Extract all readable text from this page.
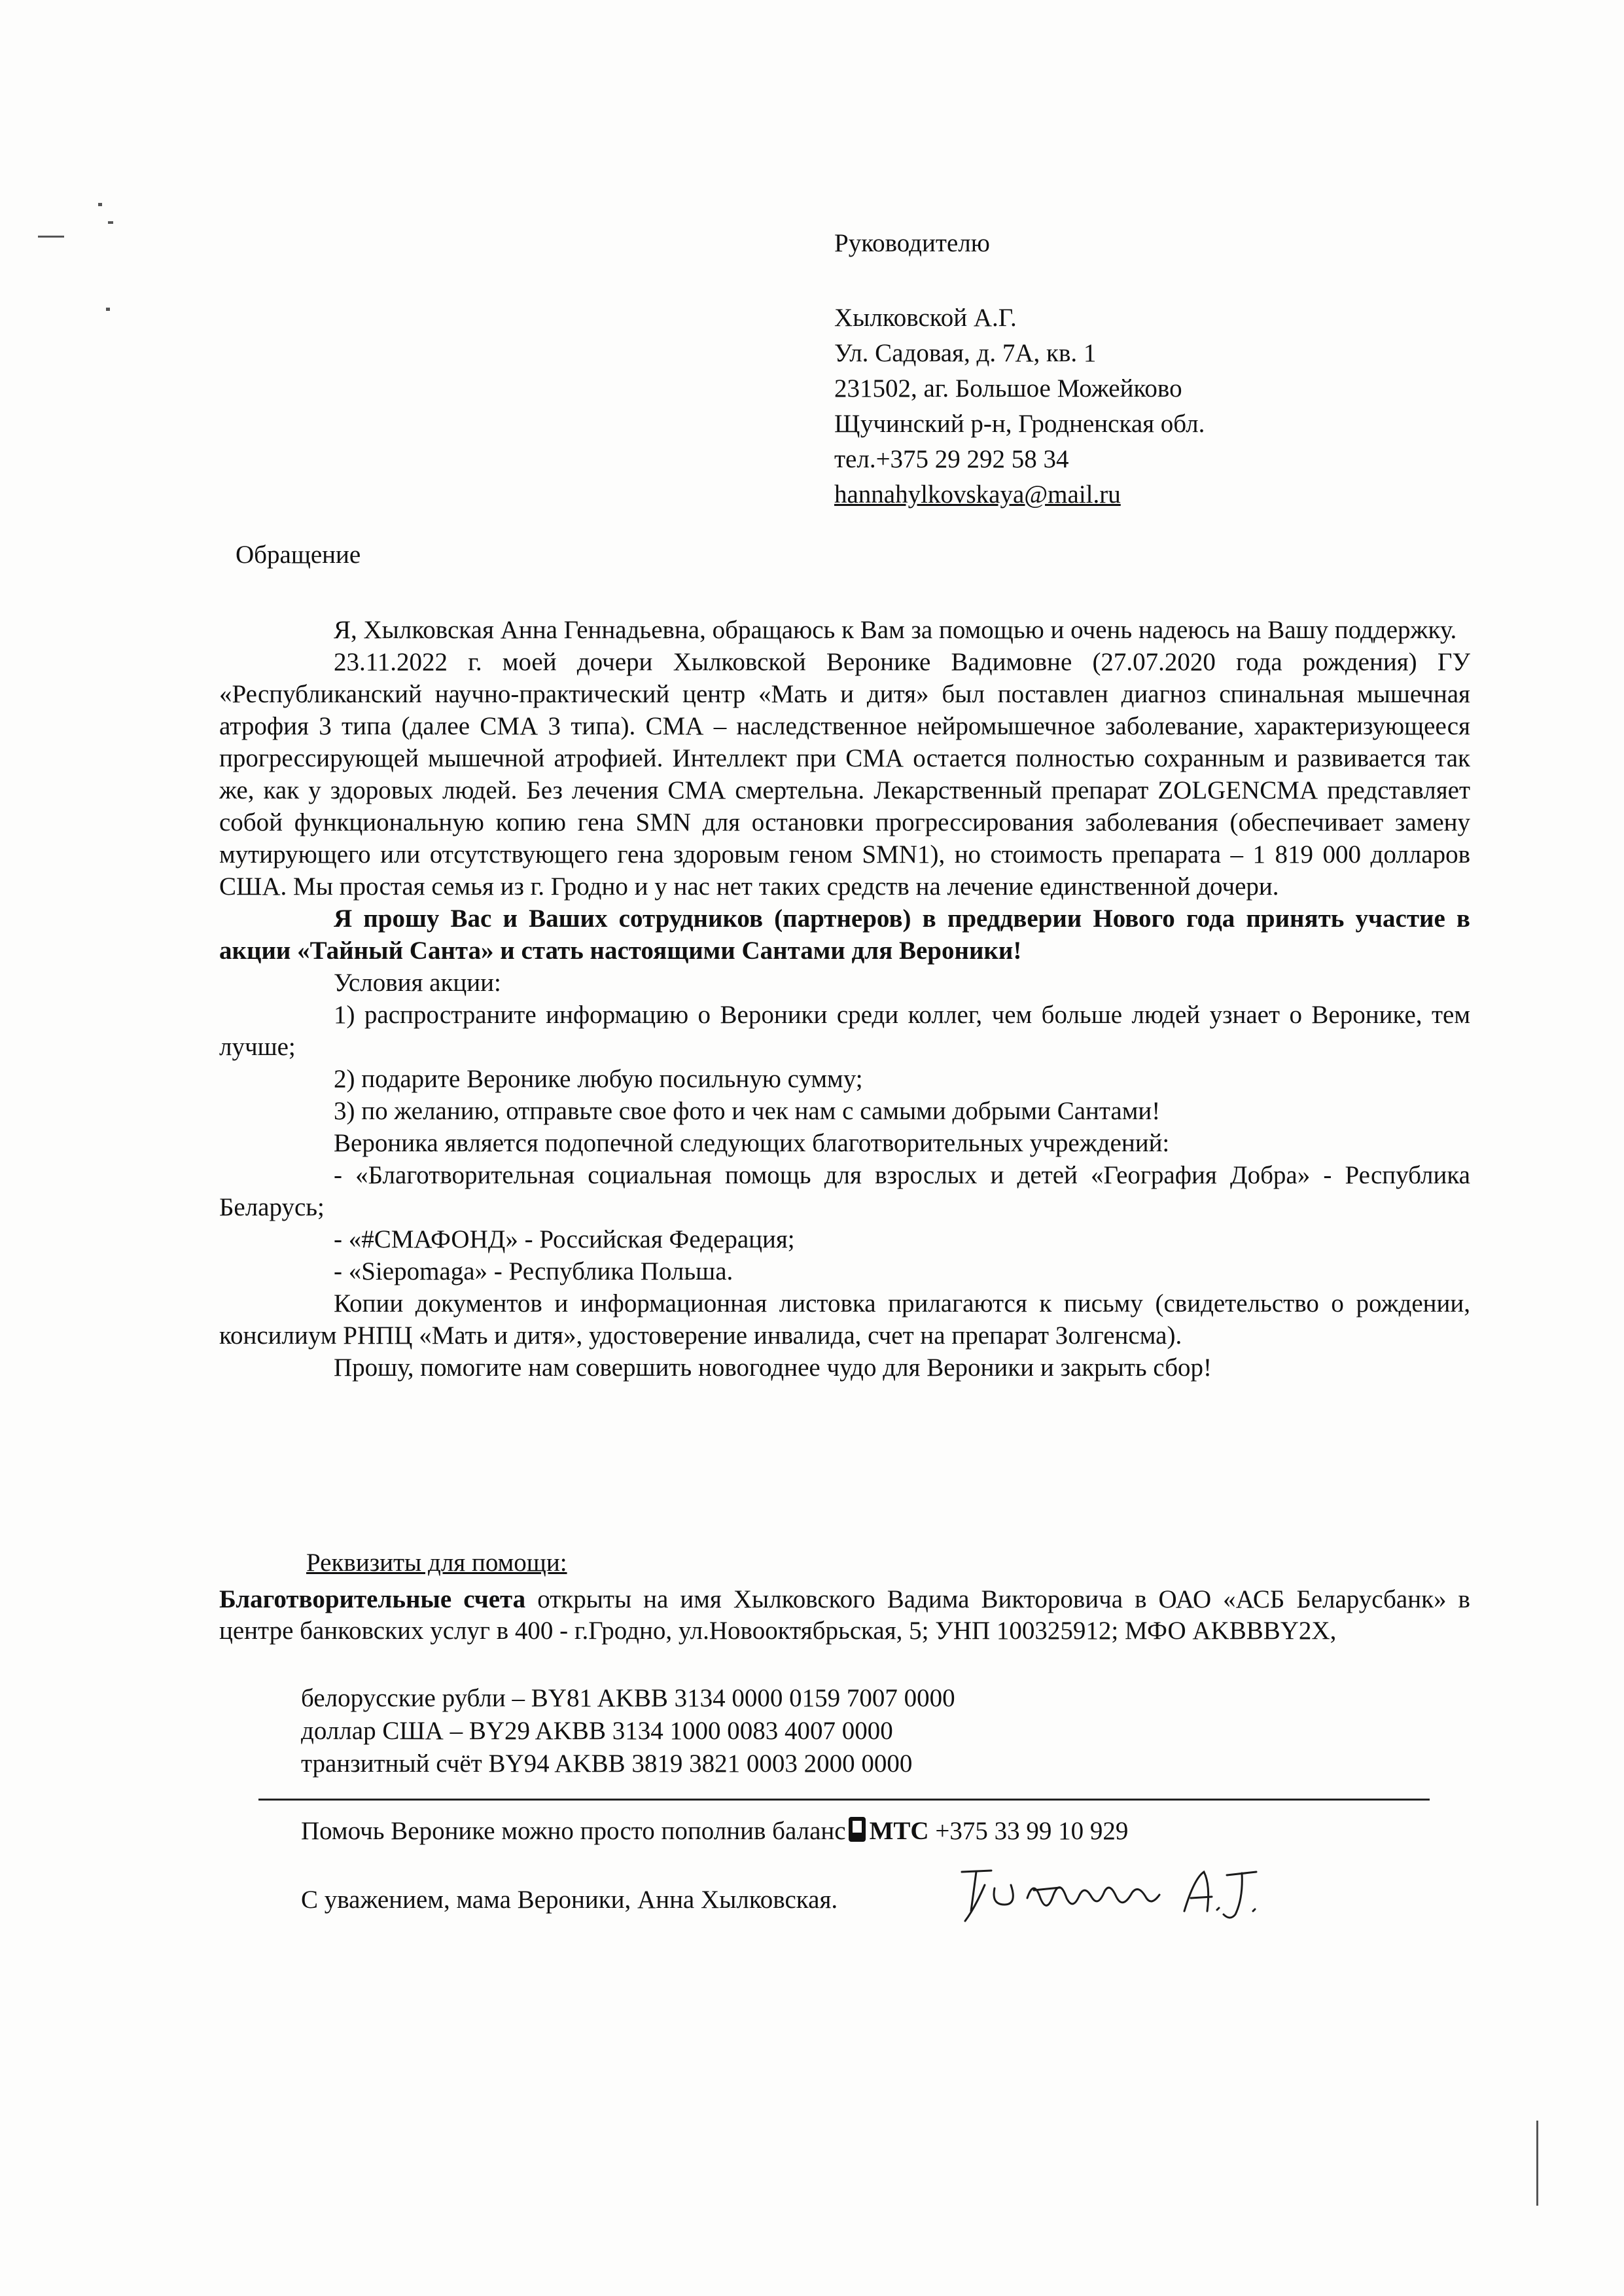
Руководителю
Хылковской А.Г.
Ул. Садовая, д. 7А, кв. 1
231502, аг. Большое Можейково
Щучинский р-н, Гродненская обл.
тел.+375 29 292 58 34
hannahylkovskaya@mail.ru
Обращение

Я, Хылковская Анна Геннадьевна, обращаюсь к Вам за помощью и очень надеюсь на Вашу поддержку.

23.11.2022 г. моей дочери Хылковской Веронике Вадимовне (27.07.2020 года рождения) ГУ «Республиканский научно-практический центр «Мать и дитя» был поставлен диагноз спинальная мышечная атрофия 3 типа (далее СМА 3 типа). СМА – наследственное нейромышечное заболевание, характеризующееся прогрессирующей мышечной атрофией. Интеллект при СМА остается полностью сохранным и развивается так же, как у здоровых людей. Без лечения СМА смертельна. Лекарственный препарат ZOLGENСМА представляет собой функциональную копию гена SMN для остановки прогрессирования заболевания (обеспечивает замену мутирующего или отсутствующего гена здоровым геном SMN1), но стоимость препарата – 1 819 000 долларов США. Мы простая семья из г. Гродно и у нас нет таких средств на лечение единственной дочери.

Я прошу Вас и Ваших сотрудников (партнеров) в преддверии Нового года принять участие в акции «Тайный Санта» и стать настоящими Сантами для Вероники!

Условия акции:

1) распространите информацию о Вероники среди коллег, чем больше людей узнает о Веронике, тем лучше;

2) подарите Веронике любую посильную сумму;

3) по желанию, отправьте свое фото и чек нам с самыми добрыми Сантами!

Вероника является подопечной следующих благотворительных учреждений:

- «Благотворительная социальная помощь для взрослых и детей «География Добра» - Республика Беларусь;

- «#СМАФОНД» - Российская Федерация;

- «Siepomaga» - Республика Польша.

Копии документов и информационная листовка прилагаются к письму (свидетельство о рождении, консилиум РНПЦ «Мать и дитя», удостоверение инвалида, счет на препарат Золгенсма).

Прошу, помогите нам совершить новогоднее чудо для Вероники и закрыть сбор!

Реквизиты для помощи:

Благотворительные счета открыты на имя Хылковского Вадима Викторовича в ОАО «АСБ Беларусбанк» в центре банковских услуг в 400 - г.Гродно, ул.Новооктябрьская, 5; УНП 100325912; МФО AKBBBY2X,

белорусские рубли – BY81 AKBB 3134 0000 0159 7007 0000
доллар США – BY29 AKBB 3134 1000 0083 4007 0000
транзитный счёт BY94 AKBB 3819 3821 0003 2000 0000
Помочь Веронике можно просто пополнив баланс МТС +375 33 99 10 929
С уважением, мама Вероники, Анна Хылковская.
